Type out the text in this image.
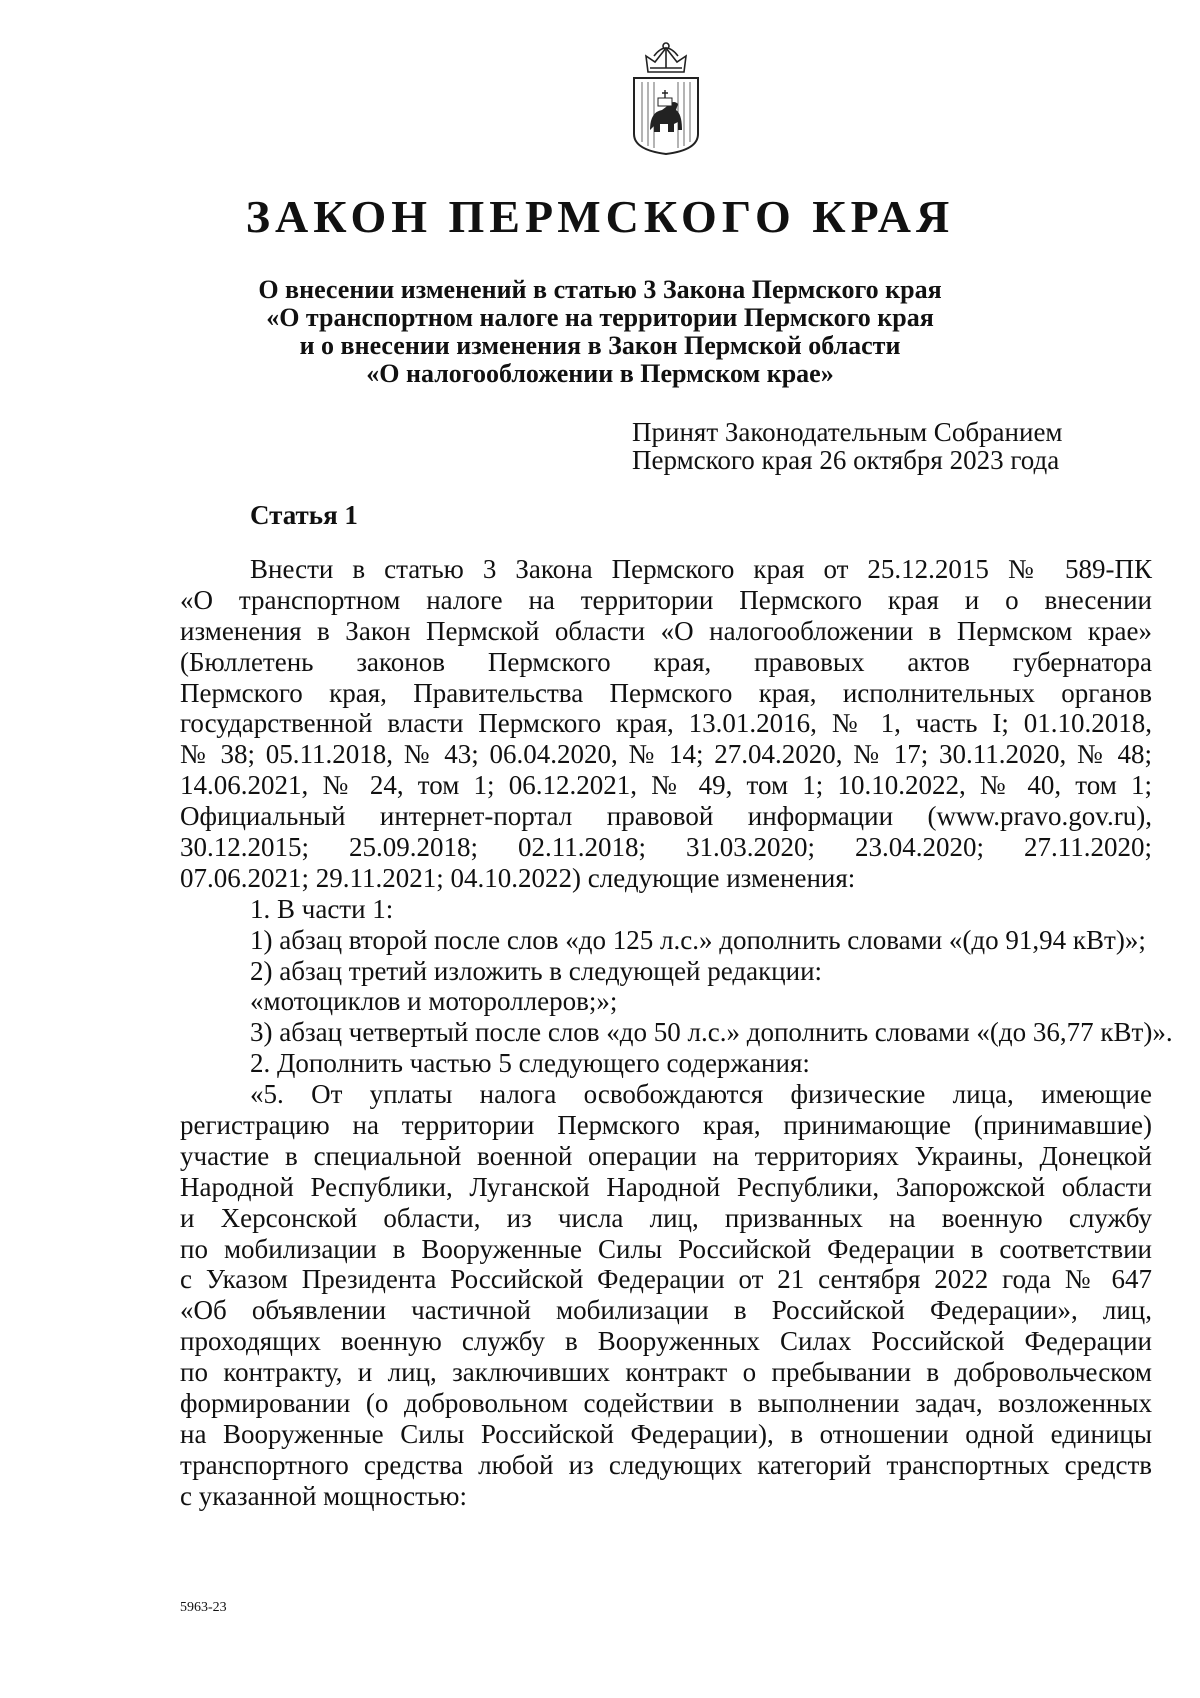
ЗАКОН ПЕРМСКОГО КРАЯ
О внесении изменений в статью 3 Закона Пермского края
«О транспортном налоге на территории Пермского края
и о внесении изменения в Закон Пермской области
«О налогообложении в Пермском крае»
Принят Законодательным Собранием
Пермского края 26 октября 2023 года
Статья 1
Внести в статью 3 Закона Пермского края от 25.12.2015 № 589-ПК
«О транспортном налоге на территории Пермского края и о внесении
изменения в Закон Пермской области «О налогообложении в Пермском крае»
(Бюллетень законов Пермского края, правовых актов губернатора
Пермского края, Правительства Пермского края, исполнительных органов
государственной власти Пермского края, 13.01.2016, № 1, часть I; 01.10.2018,
№ 38; 05.11.2018, № 43; 06.04.2020, № 14; 27.04.2020, № 17; 30.11.2020, № 48;
14.06.2021, № 24, том 1; 06.12.2021, № 49, том 1; 10.10.2022, № 40, том 1;
Официальный интернет-портал правовой информации (www.pravo.gov.ru),
30.12.2015; 25.09.2018; 02.11.2018; 31.03.2020; 23.04.2020; 27.11.2020;
07.06.2021; 29.11.2021; 04.10.2022) следующие изменения:
1. В части 1:
1) абзац второй после слов «до 125 л.с.» дополнить словами «(до 91,94 кВт)»;
2) абзац третий изложить в следующей редакции:
«мотоциклов и мотороллеров;»;
3) абзац четвертый после слов «до 50 л.с.» дополнить словами «(до 36,77 кВт)».
2. Дополнить частью 5 следующего содержания:
«5. От уплаты налога освобождаются физические лица, имеющие
регистрацию на территории Пермского края, принимающие (принимавшие)
участие в специальной военной операции на территориях Украины, Донецкой
Народной Республики, Луганской Народной Республики, Запорожской области
и Херсонской области, из числа лиц, призванных на военную службу
по мобилизации в Вооруженные Силы Российской Федерации в соответствии
с Указом Президента Российской Федерации от 21 сентября 2022 года № 647
«Об объявлении частичной мобилизации в Российской Федерации», лиц,
проходящих военную службу в Вооруженных Силах Российской Федерации
по контракту, и лиц, заключивших контракт о пребывании в добровольческом
формировании (о добровольном содействии в выполнении задач, возложенных
на Вооруженные Силы Российской Федерации), в отношении одной единицы
транспортного средства любой из следующих категорий транспортных средств
с указанной мощностью:
5963-23
